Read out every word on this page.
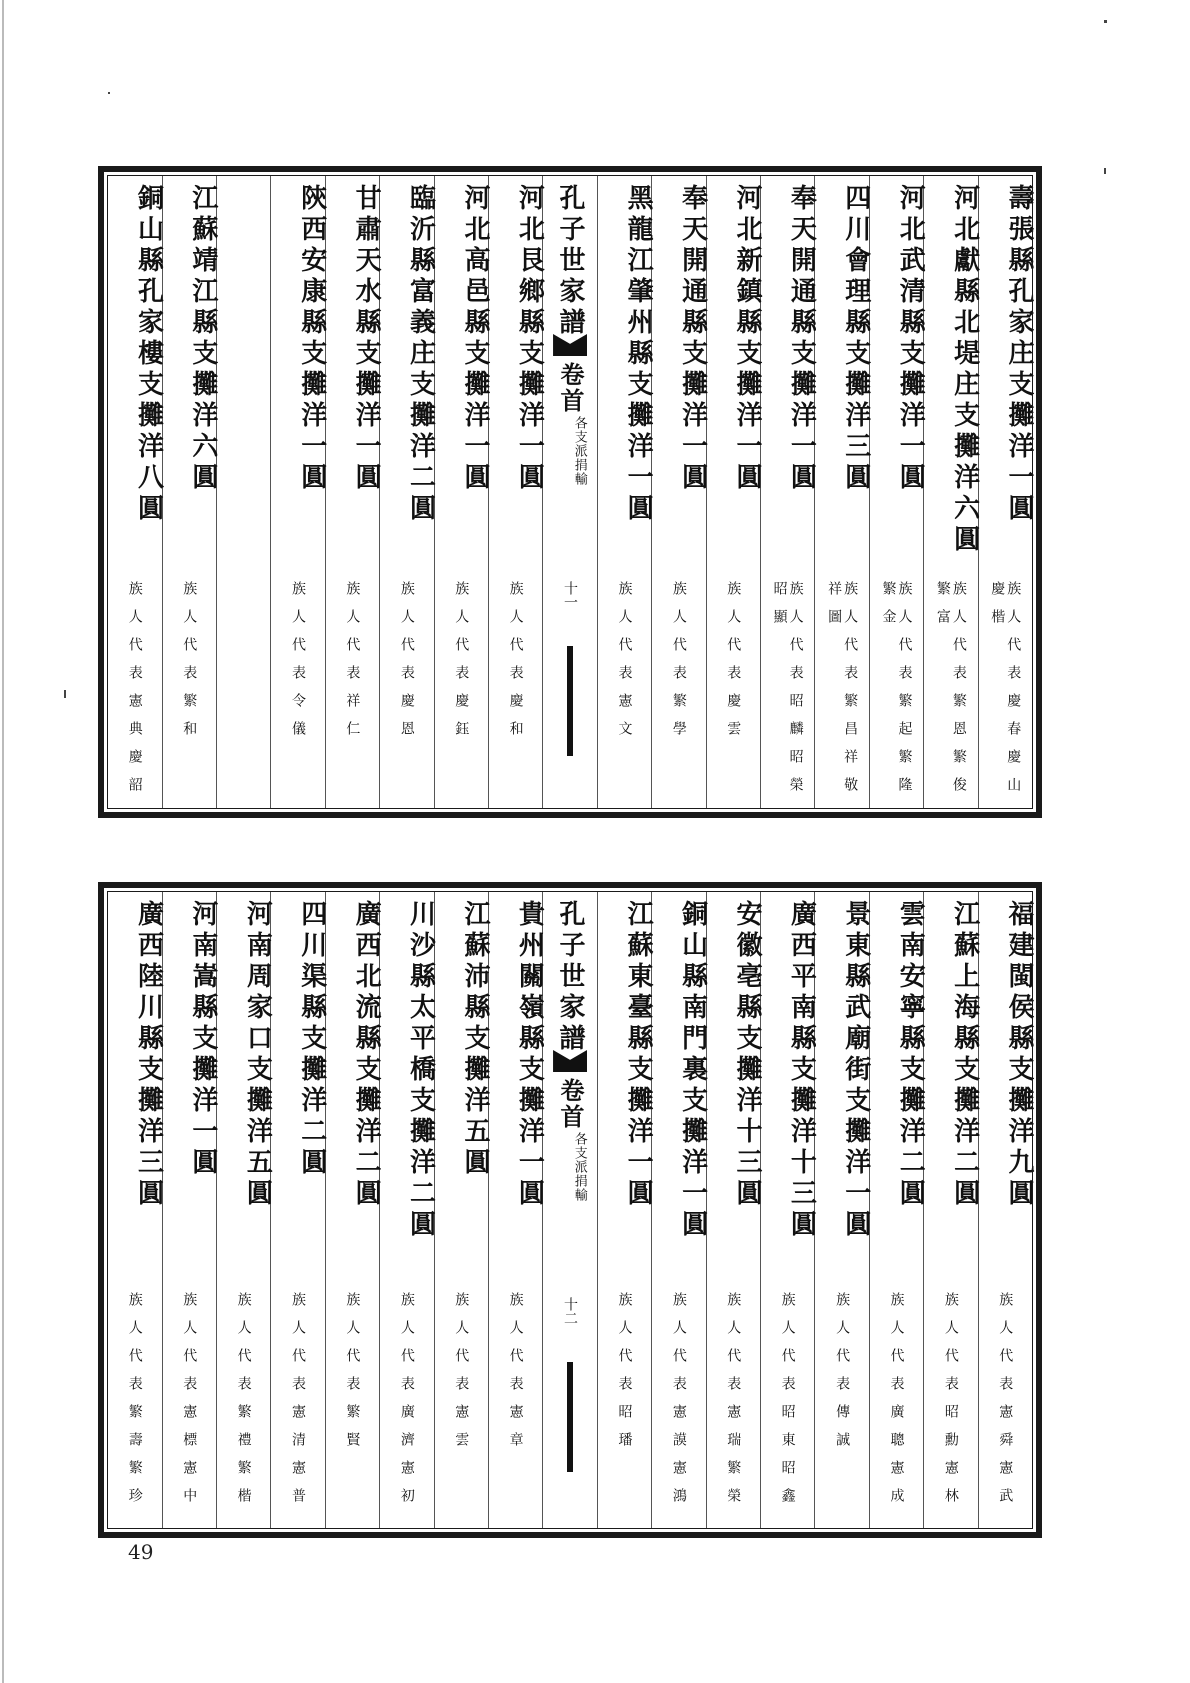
壽張縣孔家庄支攤洋一圓
族人代表慶春慶山
慶楷
河北獻縣北堤庄支攤洋六圓
族人代表繁恩繁俊
繁富
河北武清縣支攤洋一圓
族人代表繁起繁隆
繁金
四川會理縣支攤洋三圓
族人代表繁昌祥敬
祥圖
奉天開通縣支攤洋一圓
族人代表昭麟昭榮
昭顯
河北新鎮縣支攤洋一圓
族人代表慶雲
奉天開通縣支攤洋一圓
族人代表繁學
黑龍江肇州縣支攤洋一圓
族人代表憲文
孔子世家譜
卷首
各支派捐輸
十一
河北艮鄉縣支攤洋一圓
族人代表慶和
河北高邑縣支攤洋一圓
族人代表慶鈺
臨沂縣富義庄支攤洋二圓
族人代表慶恩
甘肅天水縣支攤洋一圓
族人代表祥仁
陝西安康縣支攤洋一圓
族人代表令儀
江蘇靖江縣支攤洋六圓
族人代表繁和
銅山縣孔家樓支攤洋八圓
族人代表憲典慶韶
福建閩侯縣支攤洋九圓
族人代表憲舜憲武
江蘇上海縣支攤洋二圓
族人代表昭勳憲林
雲南安寧縣支攤洋二圓
族人代表廣聰憲成
景東縣武廟街支攤洋一圓
族人代表傳誠
廣西平南縣支攤洋十三圓
族人代表昭東昭鑫
安徽亳縣支攤洋十三圓
族人代表憲瑞繁榮
銅山縣南門裏支攤洋一圓
族人代表憲謨憲鴻
江蘇東臺縣支攤洋一圓
族人代表昭璠
孔子世家譜
卷首
各支派捐輸
十二
貴州關嶺縣支攤洋一圓
族人代表憲章
江蘇沛縣支攤洋五圓
族人代表憲雲
川沙縣太平橋支攤洋二圓
族人代表廣濟憲初
廣西北流縣支攤洋二圓
族人代表繁賢
四川渠縣支攤洋二圓
族人代表憲清憲普
河南周家口支攤洋五圓
族人代表繁禮繁楷
河南嵩縣支攤洋一圓
族人代表憲標憲中
廣西陸川縣支攤洋三圓
族人代表繁壽繁珍
49
